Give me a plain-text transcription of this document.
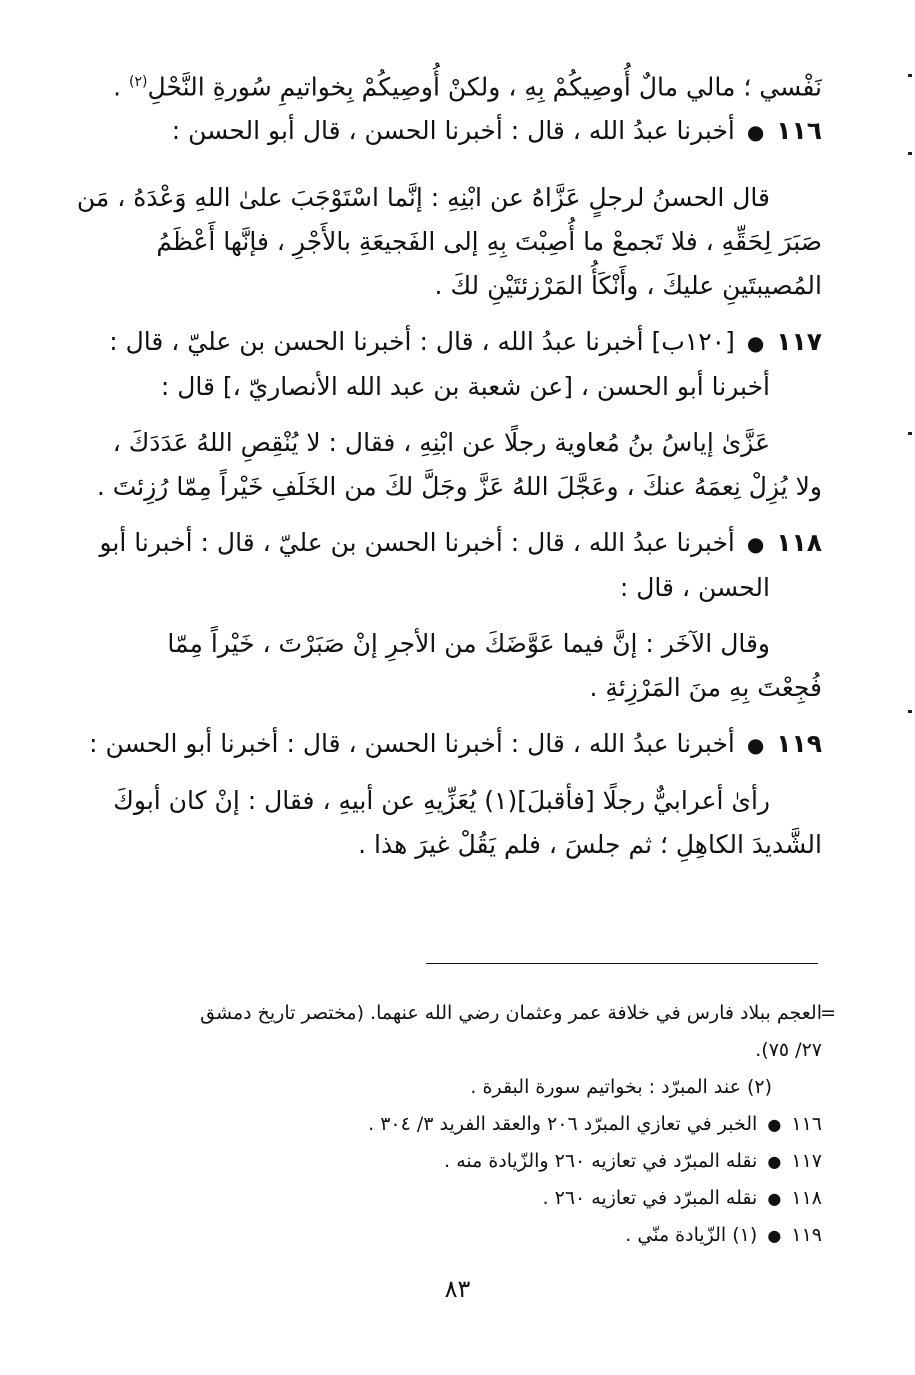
نَفْسي ؛ مالي مالٌ أُوصِيكُمْ بِهِ ، ولكنْ أُوصِيكُمْ بِخواتيمِ سُورةِ النَّحْلِ$^{(٢)}$ .
١١٦ ● أخبرنا عبدُ الله ، قال : أخبرنا الحسن ، قال أبو الحسن :
قال الحسنُ لرجلٍ عَزَّاهُ عن ابْنِهِ : إنَّما اسْتَوْجَبَ علىٰ اللهِ وَعْدَهُ ، مَن
صَبَرَ لِحَقِّهِ ، فلا تَجمعْ ما أُصِبْتَ بِهِ إلى الفَجيعَةِ بالأَجْرِ ، فإنَّها أَعْظَمُ
المُصيبتَينِ عليكَ ، وأَنْكَأُ المَرْزئتَيْنِ لكَ .
١١٧ ● [١٢٠ب] أخبرنا عبدُ الله ، قال : أخبرنا الحسن بن عليّ ، قال :
أخبرنا أبو الحسن ، [عن شعبة بن عبد الله الأنصاريّ ،] قال :
عَزَّىٰ إياسُ بنُ مُعاوية رجلًا عن ابْنِهِ ، فقال : لا يُنْقِصِ اللهُ عَدَدَكَ ،
ولا يُزِلْ نِعمَهُ عنكَ ، وعَجَّلَ اللهُ عَزَّ وجَلَّ لكَ من الخَلَفِ خَيْراً مِمّا رُزِئتَ .
١١٨ ● أخبرنا عبدُ الله ، قال : أخبرنا الحسن بن عليّ ، قال : أخبرنا أبو
الحسن ، قال :
وقال الآخَر : إنَّ فيما عَوَّضَكَ من الأجرِ إنْ صَبَرْتَ ، خَيْراً مِمّا
فُجِعْتَ بِهِ منَ المَرْزِئةِ .
١١٩ ● أخبرنا عبدُ الله ، قال : أخبرنا الحسن ، قال : أخبرنا أبو الحسن :
رأىٰ أعرابيٌّ رجلًا [فأقبلَ](١) يُعَزِّيهِ عن أبيهِ ، فقال : إنْ كان أبوكَ
الشَّديدَ الكاهِلِ ؛ ثم جلسَ ، فلم يَقُلْ غيرَ هذا .
=
العجم ببلاد فارس في خلافة عمر وعثمان رضي الله عنهما. (مختصر تاريخ دمشق
٢٧/ ٧٥).
(٢) عند المبرّد : بخواتيم سورة البقرة .
١١٦ ● الخبر في تعازي المبرّد ٢٠٦ والعقد الفريد ٣/ ٣٠٤ .
١١٧ ● نقله المبرّد في تعازيه ٢٦٠ والزّيادة منه .
١١٨ ● نقله المبرّد في تعازيه ٢٦٠ .
١١٩ ● (١) الزّيادة منّي .
٨٣
